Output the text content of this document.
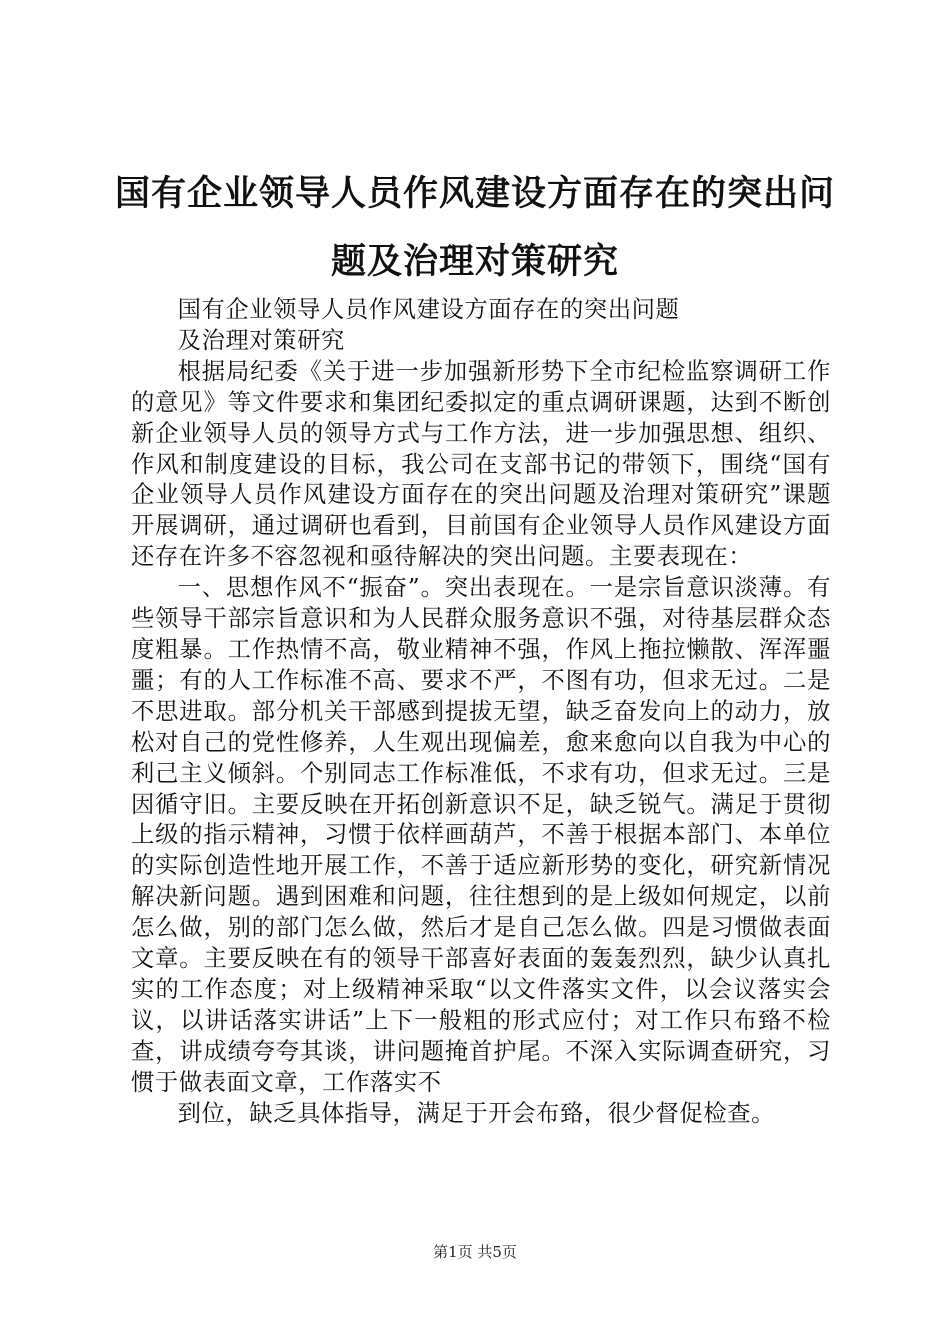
国有企业领导人员作风建设方面存在的突出问题及治理对策研究

国有企业领导人员作风建设方面存在的突出问题

及治理对策研究

根据局纪委《关于进一步加强新形势下全市纪检监察调研工作的意见》等文件要求和集团纪委拟定的重点调研课题，达到不断创新企业领导人员的领导方式与工作方法，进一步加强思想、组织、作风和制度建设的目标，我公司在支部书记的带领下，围绕“国有企业领导人员作风建设方面存在的突出问题及治理对策研究”课题开展调研，通过调研也看到，目前国有企业领导人员作风建设方面还存在许多不容忽视和亟待解决的突出问题。主要表现在：

一、思想作风不“振奋”。突出表现在。一是宗旨意识淡薄。有些领导干部宗旨意识和为人民群众服务意识不强，对待基层群众态度粗暴。工作热情不高，敬业精神不强，作风上拖拉懒散、浑浑噩噩；有的人工作标准不高、要求不严，不图有功，但求无过。二是不思进取。部分机关干部感到提拔无望，缺乏奋发向上的动力，放松对自己的党性修养，人生观出现偏差，愈来愈向以自我为中心的利己主义倾斜。个别同志工作标准低，不求有功，但求无过。三是因循守旧。主要反映在开拓创新意识不足，缺乏锐气。满足于贯彻上级的指示精神，习惯于依样画葫芦，不善于根据本部门、本单位的实际创造性地开展工作，不善于适应新形势的变化，研究新情况解决新问题。遇到困难和问题，往往想到的是上级如何规定，以前怎么做，别的部门怎么做，然后才是自己怎么做。四是习惯做表面文章。主要反映在有的领导干部喜好表面的轰轰烈烈，缺少认真扎实的工作态度；对上级精神采取“以文件落实文件，以会议落实会议，以讲话落实讲话”上下一般粗的形式应付；对工作只布臵不检查，讲成绩夸夸其谈，讲问题掩首护尾。不深入实际调查研究，习惯于做表面文章，工作落实不

到位，缺乏具体指导，满足于开会布臵，很少督促检查。

第1页 共5页
